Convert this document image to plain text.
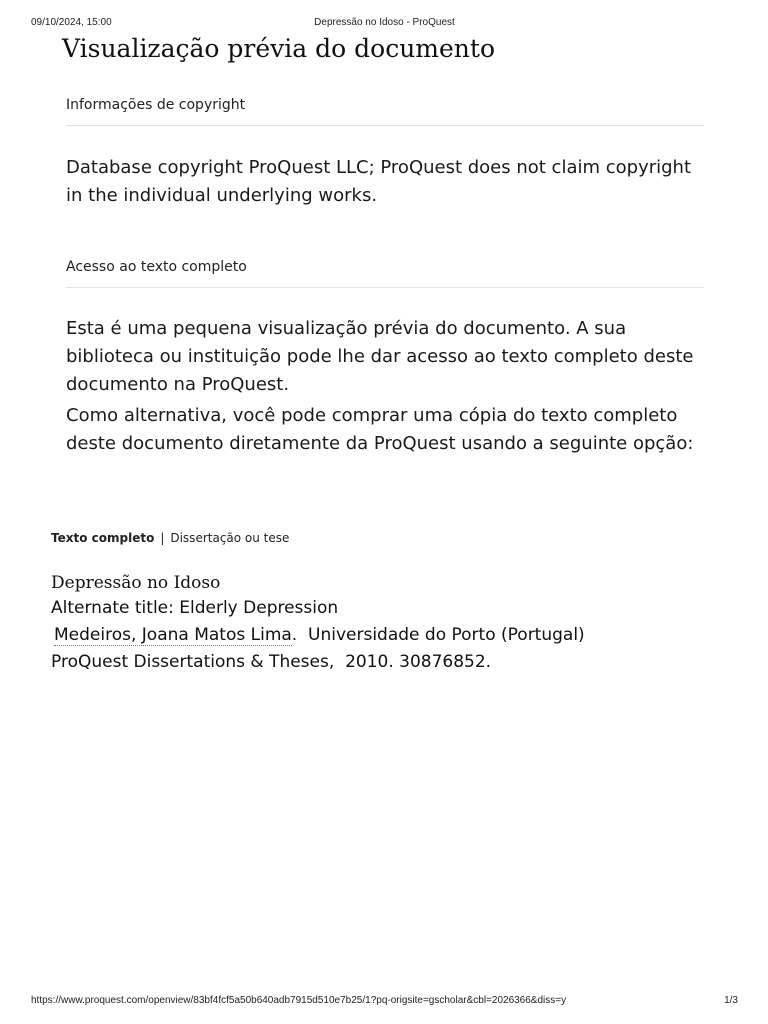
09/10/2024, 15:00	Depressão no Idoso - ProQuest
Visualização prévia do documento
Informações de copyright

Database copyright ProQuest LLC; ProQuest does not claim copyright in the individual underlying works.

Acesso ao texto completo

Esta é uma pequena visualização prévia do documento. A sua biblioteca ou instituição pode lhe dar acesso ao texto completo deste documento na ProQuest.

Como alternativa, você pode comprar uma cópia do texto completo deste documento diretamente da ProQuest usando a seguinte opção:

Texto completo | Dissertação ou tese
Depressão no Idoso
Alternate title: Elderly Depression
Medeiros, Joana Matos Lima. Universidade do Porto (Portugal)
ProQuest Dissertations & Theses, 2010. 30876852.
https://www.proquest.com/openview/83bf4fcf5a50b640adb7915d510e7b25/1?pq-origsite=gscholar&cbl=2026366&diss=y	1/3
